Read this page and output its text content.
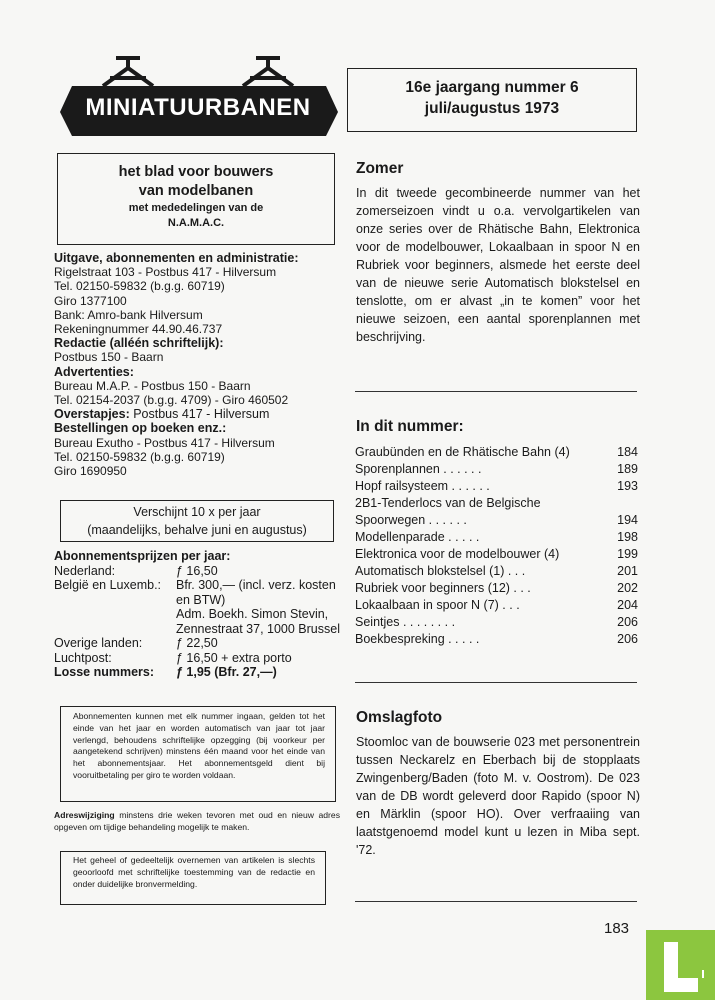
MINIATUURBANEN
16e jaargang nummer 6
juli/augustus 1973
het blad voor bouwers
van modelbanen
met mededelingen van de
N.A.M.A.C.
Uitgave, abonnementen en administratie:
Rigelstraat 103 - Postbus 417 - Hilversum
Tel. 02150-59832 (b.g.g. 60719)
Giro 1377100
Bank: Amro-bank Hilversum
Rekeningnummer 44.90.46.737
Redactie (alléén schriftelijk):
Postbus 150 - Baarn
Advertenties:
Bureau M.A.P. - Postbus 150 - Baarn
Tel. 02154-2037 (b.g.g. 4709) - Giro 460502
Overstapjes: Postbus 417 - Hilversum
Bestellingen op boeken enz.:
Bureau Exutho - Postbus 417 - Hilversum
Tel. 02150-59832 (b.g.g. 60719)
Giro 1690950
Verschijnt 10 x per jaar
(maandelijks, behalve juni en augustus)
Abonnementsprijzen per jaar:
Nederland:	ƒ 16,50
België en Luxemb.:	Bfr. 300,— (incl. verz. kosten en BTW)
Adm. Boekh. Simon Stevin, Zennestraat 37, 1000 Brussel
Overige landen:	ƒ 22,50
Luchtpost:	ƒ 16,50 + extra porto
Losse nummers:	ƒ 1,95 (Bfr. 27,—)
Abonnementen kunnen met elk nummer ingaan, gelden tot het einde van het jaar en worden automatisch van jaar tot jaar verlengd, behoudens schriftelijke opzegging (bij voorkeur per aangetekend schrijven) minstens één maand voor het einde van het abonnementsjaar. Het abonnementsgeld dient bij vooruitbetaling per giro te worden voldaan.
Adreswijziging minstens drie weken tevoren met oud en nieuw adres opgeven om tijdige behandeling mogelijk te maken.
Het geheel of gedeeltelijk overnemen van artikelen is slechts geoorloofd met schriftelijke toestemming van de redactie en onder duidelijke bronvermelding.
Zomer
In dit tweede gecombineerde nummer van het zomerseizoen vindt u o.a. vervolgartikelen van onze series over de Rhätische Bahn, Elektronica voor de modelbouwer, Lokaalbaan in spoor N en Rubriek voor beginners, alsmede het eerste deel van de nieuwe serie Automatisch blokstelsel en tenslotte, om er alvast „in te komen” voor het nieuwe seizoen, een aantal sporenplannen met beschrijving.
In dit nummer:
Graubünden en de Rhätische Bahn (4)	184
Sporenplannen . . . . . .	189
Hopf railsysteem . . . . . .	193
2B1-Tenderlocs van de Belgische Spoorwegen . . . . . .	194
Modellenparade . . . . .	198
Elektronica voor de modelbouwer (4)	199
Automatisch blokstelsel (1) . . .	201
Rubriek voor beginners (12) . . .	202
Lokaalbaan in spoor N (7) . . .	204
Seintjes . . . . . . . .	206
Boekbespreking . . . . .	206
Omslagfoto
Stoomloc van de bouwserie 023 met personentrein tussen Neckarelz en Eberbach bij de stopplaats Zwingenberg/Baden (foto M. v. Oostrom). De 023 van de DB wordt geleverd door Rapido (spoor N) en Märklin (spoor HO). Over verfraaiing van laatstgenoemd model kunt u lezen in Miba sept. '72.
183
